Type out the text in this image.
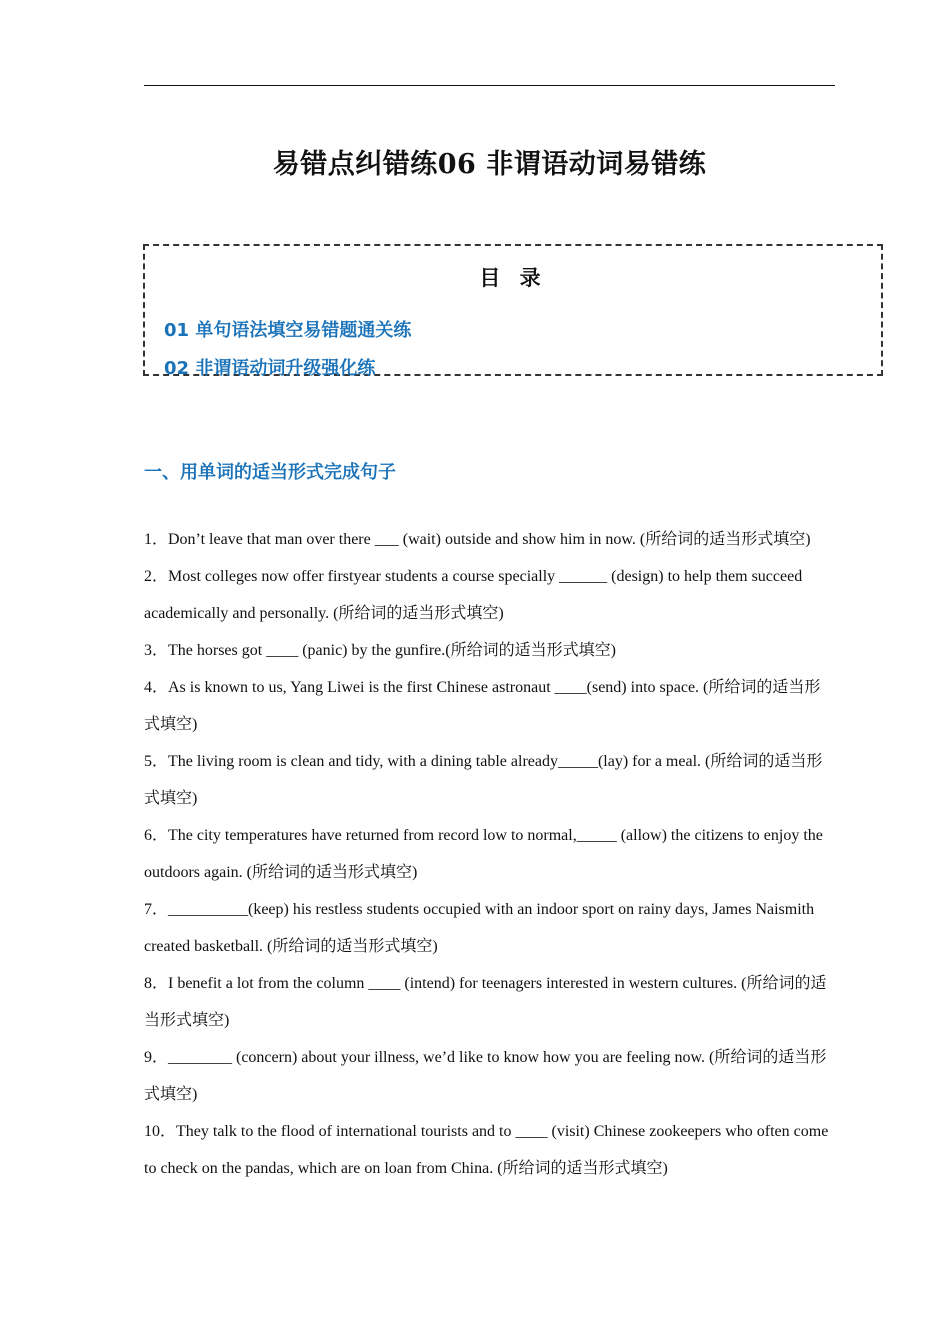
易错点纠错练06 非谓语动词易错练
目 录
01 单句语法填空易错题通关练
02 非谓语动词升级强化练
一、用单词的适当形式完成句子

1．Don’t leave that man over there ___ (wait) outside and show him in now. (所给词的适当形式填空)

2．Most colleges now offer firstyear students a course specially ______ (design) to help them succeed academically and personally. (所给词的适当形式填空)

3．The horses got ____ (panic) by the gunfire.(所给词的适当形式填空)

4．As is known to us, Yang Liwei is the first Chinese astronaut ____(send) into space. (所给词的适当形式填空)

5．The living room is clean and tidy, with a dining table already_____(lay) for a meal. (所给词的适当形式填空)

6．The city temperatures have returned from record low to normal,_____ (allow) the citizens to enjoy the outdoors again. (所给词的适当形式填空)

7．__________(keep) his restless students occupied with an indoor sport on rainy days, James Naismith created basketball. (所给词的适当形式填空)

8．I benefit a lot from the column ____ (intend) for teenagers interested in western cultures. (所给词的适当形式填空)

9．________ (concern) about your illness, we’d like to know how you are feeling now. (所给词的适当形式填空)

10．They talk to the flood of international tourists and to ____ (visit) Chinese zookeepers who often come to check on the pandas, which are on loan from China. (所给词的适当形式填空)
